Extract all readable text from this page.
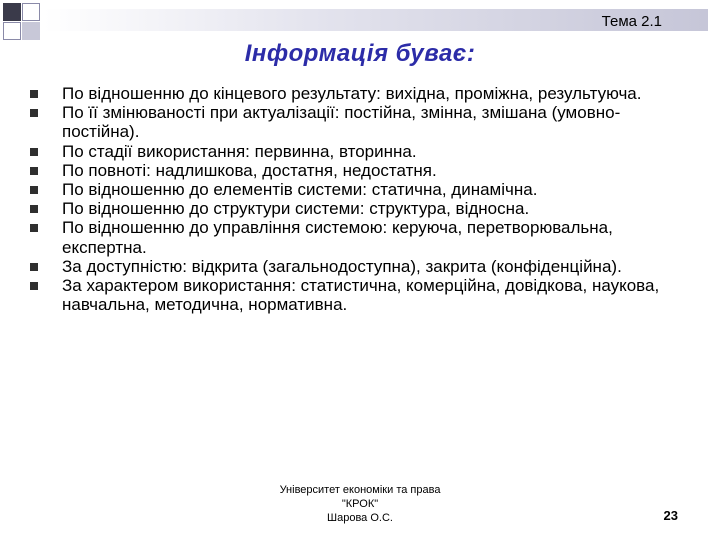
Тема 2.1
Інформація буває:
По відношенню до кінцевого результату: вихідна, проміжна, результуюча.
По її змінюваності при актуалізації: постійна, змінна, змішана (умовно-постійна).
По стадії використання: первинна, вторинна.
По повноті: надлишкова, достатня, недостатня.
По відношенню до елементів системи: статична, динамічна.
По відношенню до структури системи: структура, відносна.
По відношенню до управління системою: керуюча, перетворювальна, експертна.
За доступністю: відкрита (загальнодоступна), закрита (конфіденційна).
За характером використання: статистична, комерційна, довідкова, наукова, навчальна, методична, нормативна.
Університет економіки та права
"КРОК"
Шарова О.С.	23
